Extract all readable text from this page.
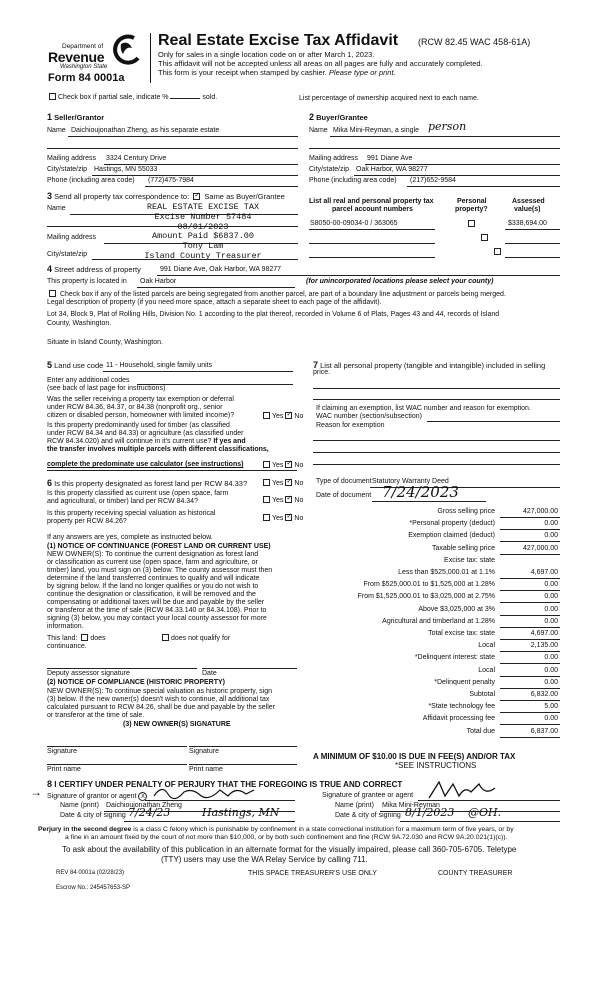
Department of
Revenue
Washington State
Form 84 0001a
Real Estate Excise Tax Affidavit (RCW 82.45 WAC 458-61A)
Only for sales in a single location code on or after March 1, 2023.
This affidavit will not be accepted unless all areas on all pages are fully and accurately completed.
This form is your receipt when stamped by cashier. Please type or print.
Check box if partial sale, indicate %	sold.	List percentage of ownership acquired next to each name.
1 Seller/Grantor
Name Daichioujonathan Zheng, as his separate estate
Mailing address 3324 Century Drive
City/state/zip Hastings, MN 55033
Phone (including area code) (772)475-7984
2 Buyer/Grantee
Name Mika Mini-Reyman, a single person
Mailing address 991 Diane Ave
City/state/zip Oak Harbor, WA 98277
Phone (including area code) (217)652-9584
3 Send all property tax correspondence to: ✓ Same as Buyer/Grantee
Name
Mailing address
City/state/zip
REAL ESTATE EXCISE TAX
Excise Number 57484
08/01/2023
Amount Paid $6837.00
Tony Lam
Island County Treasurer
List all real and personal property tax
parcel account numbers
Personal
property?
Assessed
value(s)
S8050-00-09034-0 / 363065
	$338,694.00
4 Street address of property	991 Diane Ave, Oak Harbor, WA 98277
This property is located in Oak Harbor	(for unincorporated locations please select your county)
Check box if any of the listed parcels are being segregated from another parcel, are part of a boundary line adjustment or parcels being merged.
Legal description of property (if you need more space, attach a separate sheet to each page of the affidavit).
Lot 34, Block 9, Plat of Rolling Hills, Division No. 1 according to the plat thereof, recorded in Volume 6 of Plats, Pages 43 and 44, records of Island
County, Washington.
Situate in Island County, Washington.
5 Land use code 11 - Household, single family units
Enter any additional codes
(see back of last page for instructions)
Was the seller receiving a property tax exemption or deferral
under RCW 84.36, 84.37, or 84.38 (nonprofit org., senior
citizen or disabled person, homeowner with limited income)?	Yes ✓ No
Is this property predominantly used for timber (as classified
under RCW 84.34 and 84.33) or agriculture (as classified under
RCW 84.34.020) and will continue in it's current use? If yes and
the transfer involves multiple parcels with different classifications,
complete the predominate use calculator (see instructions)	Yes ✓ No
7 List all personal property (tangible and intangible) included in selling
price.
If claiming an exemption, list WAC number and reason for exemption.
WAC number (section/subsection)
Reason for exemption
Type of document Statutory Warranty Deed
Date of document 7/24/2023
6 Is this property designated as forest land per RCW 84.33?	Yes ✓ No
Is this property classified as current use (open space, farm
and agricultural, or timber) land per RCW 84.34?	Yes ✓ No
Is this property receiving special valuation as historical
property per RCW 84.26?	Yes ✓ No
If any answers are yes, complete as instructed below.
(1) NOTICE OF CONTINUANCE (FOREST LAND OR CURRENT USE)
NEW OWNER(S): To continue the current designation as forest land
or classification as current use (open space, farm and agriculture, or
timber) land, you must sign on (3) below. The county assessor must then
determine if the land transferred continues to qualify and will indicate
by signing below. If the land no longer qualifies or you do not wish to
continue the designation or classification, it will be removed and the
compensating or additional taxes will be due and payable by the seller
or transferor at the time of sale (RCW 84.33.140 or 84.34.108). Prior to
signing (3) below, you may contact your local county assessor for more
information.
This land: does	does not qualify for
continuance.
Deputy assessor signature	Date
(2) NOTICE OF COMPLIANCE (HISTORIC PROPERTY)
NEW OWNER(S): To continue special valuation as historic property, sign
(3) below. If the new owner(s) doesn't wish to continue, all additional tax
calculated pursuant to RCW 84.26, shall be due and payable by the seller
or transferor at the time of sale.
(3) NEW OWNER(S) SIGNATURE
Signature	Signature
Print name	Print name
Gross selling price	427,000.00
*Personal property (deduct)	0.00
Exemption claimed (deduct)	0.00
Taxable selling price	427,000.00
Excise tax: state
Less than $525,000.01 at 1.1%	4,697.00
From $525,000.01 to $1,525,000 at 1.28%	0.00
From $1,525,000.01 to $3,025,000 at 2.75%	0.00
Above $3,025,000 at 3%	0.00
Agricultural and timberland at 1.28%	0.00
Total excise tax: state	4,697.00
Local	2,135.00
*Delinquent interest: state	0.00
Local	0.00
*Delinquent penalty	0.00
Subtotal	6,832.00
*State technology fee	5.00
Affidavit processing fee	0.00
Total due	6,837.00
A MINIMUM OF $10.00 IS DUE IN FEE(S) AND/OR TAX
*SEE INSTRUCTIONS
8 I CERTIFY UNDER PENALTY OF PERJURY THAT THE FOREGOING IS TRUE AND CORRECT
→ Signature of grantor or agent X
Name (print) Daichioujonathan Zheng
Date & city of signing 7/24/23	Hastings, MN
Signature of grantee or agent
Name (print) Mika Mini-Reyman
Date & city of signing 8/1/2023 @OH.
Perjury in the second degree is a class C felony which is punishable by confinement in a state correctional institution for a maximum term of five years, or by
a fine in an amount fixed by the court of not more than $10,000, or by both such confinement and fine (RCW 9A.72.030 and RCW 9A.20.021(1)(c)).
To ask about the availability of this publication in an alternate format for the visually impaired, please call 360-705-6705. Teletype
(TTY) users may use the WA Relay Service by calling 711.
REV 84 0001a (02/28/23)	THIS SPACE TREASURER'S USE ONLY	COUNTY TREASURER
Escrow No.: 245457653-SP
